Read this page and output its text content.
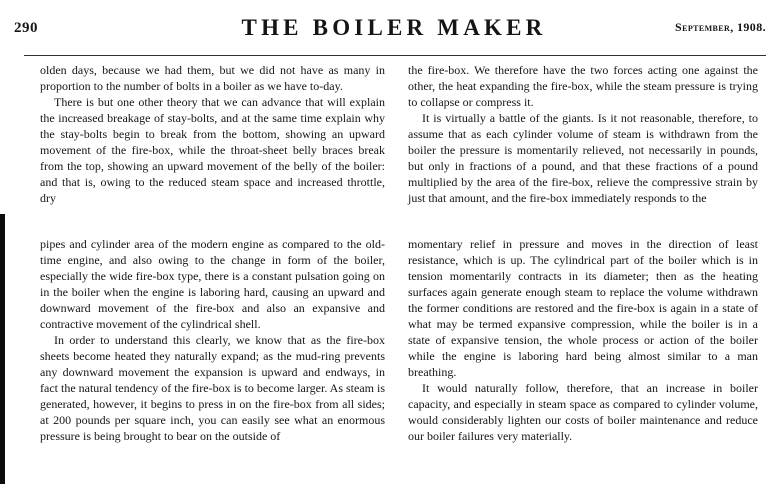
290	THE BOILER MAKER	September, 1908.

olden days, because we had them, but we did not have as many in proportion to the number of bolts in a boiler as we have to-day.

There is but one other theory that we can advance that will explain the increased breakage of stay-bolts, and at the same time explain why the stay-bolts begin to break from the bottom, showing an upward movement of the fire-box, while the throat-sheet belly braces break from the top, showing an upward movement of the belly of the boiler: and that is, owing to the reduced steam space and increased throttle, dry

the fire-box. We therefore have the two forces acting one against the other, the heat expanding the fire-box, while the steam pressure is trying to collapse or compress it.

It is virtually a battle of the giants. Is it not reasonable, therefore, to assume that as each cylinder volume of steam is withdrawn from the boiler the pressure is momentarily relieved, not necessarily in pounds, but only in fractions of a pound, and that these fractions of a pound multiplied by the area of the fire-box, relieve the compressive strain by just that amount, and the fire-box immediately responds to the

pipes and cylinder area of the modern engine as compared to the old-time engine, and also owing to the change in form of the boiler, especially the wide fire-box type, there is a constant pulsation going on in the boiler when the engine is laboring hard, causing an upward and downward movement of the fire-box and also an expansive and contractive movement of the cylindrical shell.

In order to understand this clearly, we know that as the fire-box sheets become heated they naturally expand; as the mud-ring prevents any downward movement the expansion is upward and endways, in fact the natural tendency of the fire-box is to become larger. As steam is generated, however, it begins to press in on the fire-box from all sides; at 200 pounds per square inch, you can easily see what an enormous pressure is being brought to bear on the outside of

momentary relief in pressure and moves in the direction of least resistance, which is up. The cylindrical part of the boiler which is in tension momentarily contracts in its diameter; then as the heating surfaces again generate enough steam to replace the volume withdrawn the former conditions are restored and the fire-box is again in a state of what may be termed expansive compression, while the boiler is in a state of expansive tension, the whole process or action of the boiler while the engine is laboring hard being almost similar to a man breathing.

It would naturally follow, therefore, that an increase in boiler capacity, and especially in steam space as compared to cylinder volume, would considerably lighten our costs of boiler maintenance and reduce our boiler failures very materially.
